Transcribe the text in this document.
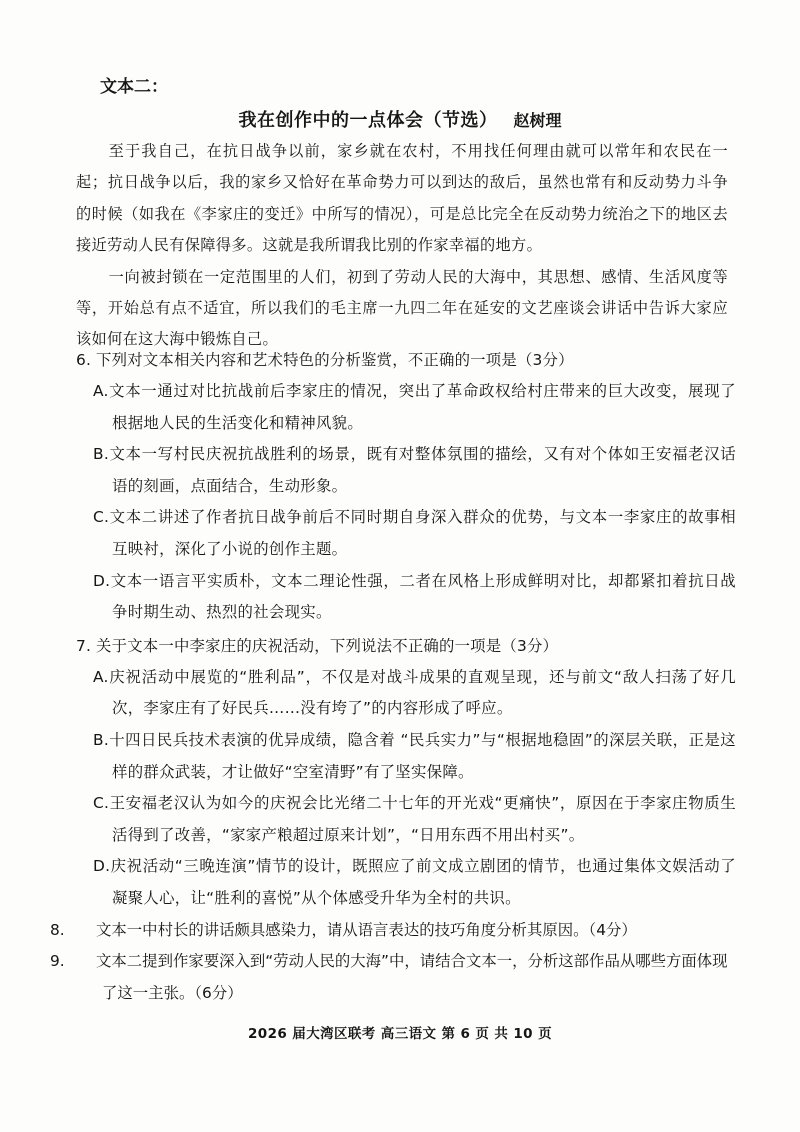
文本二：
我在创作中的一点体会（节选） 赵树理

至于我自己，在抗日战争以前，家乡就在农村，不用找任何理由就可以常年和农民在一起；抗日战争以后，我的家乡又恰好在革命势力可以到达的敌后，虽然也常有和反动势力斗争的时候（如我在《李家庄的变迁》中所写的情况），可是总比完全在反动势力统治之下的地区去接近劳动人民有保障得多。这就是我所谓我比别的作家幸福的地方。

一向被封锁在一定范围里的人们，初到了劳动人民的大海中，其思想、感情、生活风度等等，开始总有点不适宜，所以我们的毛主席一九四二年在延安的文艺座谈会讲话中告诉大家应该如何在这大海中锻炼自己。

6. 下列对文本相关内容和艺术特色的分析鉴赏，不正确的一项是（3分）
A.文本一通过对比抗战前后李家庄的情况，突出了革命政权给村庄带来的巨大改变，展现了根据地人民的生活变化和精神风貌。
B.文本一写村民庆祝抗战胜利的场景，既有对整体氛围的描绘，又有对个体如王安福老汉话语的刻画，点面结合，生动形象。
C.文本二讲述了作者抗日战争前后不同时期自身深入群众的优势，与文本一李家庄的故事相互映衬，深化了小说的创作主题。
D.文本一语言平实质朴，文本二理论性强，二者在风格上形成鲜明对比，却都紧扣着抗日战争时期生动、热烈的社会现实。
7. 关于文本一中李家庄的庆祝活动，下列说法不正确的一项是（3分）
A.庆祝活动中展览的“胜利品”，不仅是对战斗成果的直观呈现，还与前文“敌人扫荡了好几次，李家庄有了好民兵……没有垮了”的内容形成了呼应。
B.十四日民兵技术表演的优异成绩，隐含着 “民兵实力”与“根据地稳固”的深层关联，正是这样的群众武装，才让做好“空室清野”有了坚实保障。
C.王安福老汉认为如今的庆祝会比光绪二十七年的开光戏“更痛快”，原因在于李家庄物质生活得到了改善，“家家产粮超过原来计划”，“日用东西不用出村买”。
D.庆祝活动“三晚连演”情节的设计，既照应了前文成立剧团的情节，也通过集体文娱活动了凝聚人心，让“胜利的喜悦”从个体感受升华为全村的共识。
8. 文本一中村长的讲话颇具感染力，请从语言表达的技巧角度分析其原因。（4分）
9. 文本二提到作家要深入到“劳动人民的大海”中，请结合文本一，分析这部作品从哪些方面体现了这一主张。（6分）
2026 届大湾区联考 高三语文 第 6 页 共 10 页
